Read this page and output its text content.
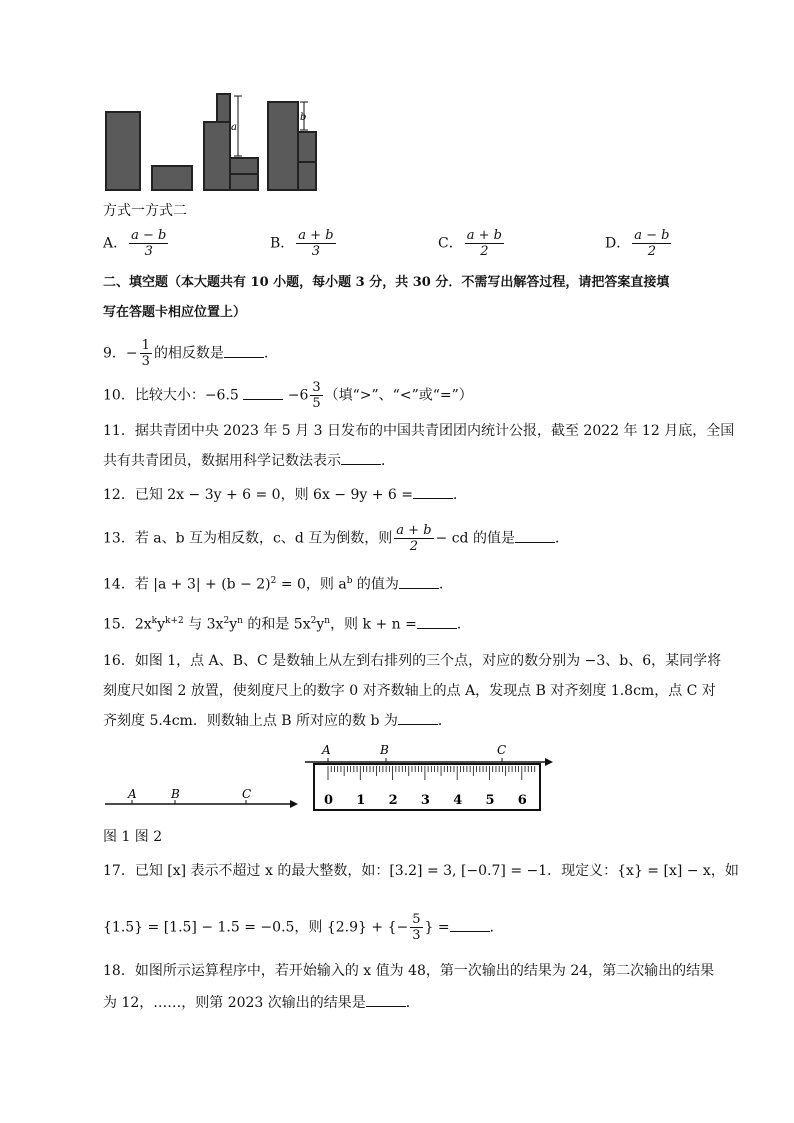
a
b
方式一方式二
A． $\frac{a - b}{3}$	B． $\frac{a + b}{3}$	C． $\frac{a + b}{2}$	D． $\frac{a - b}{2}$
二、填空题（本大题共有 10 小题，每小题 3 分，共 30 分．不需写出解答过程，请把答案直接填
写在答题卡相应位置上）
9．− $\frac{1}{3}$ 的相反数是	．
10．比较大小：−6.5	$-6 \frac{3}{5}$ （填“>”、“<”或“=”）
11．据共青团中央 2023 年 5 月 3 日发布的中国共青团团内统计公报，截至 2022 年 12 月底，全国
共有共青团员，数据用科学记数法表示	．
12．已知 2x − 3y + 6 = 0，则 6x − 9y + 6 =	．
13．若 a、b 互为相反数，c、d 互为倒数，则 $\frac{a + b}{2}$ − cd 的值是	．
14．若 $|a + 3| + (b - 2)^2 = 0$，则 $a^b$ 的值为	．
15．$2x^ky^{k+2}$ 与 $3x^2y^n$ 的和是 $5x^2y^n$，则 k + n =	．
16．如图 1，点 A、B、C 是数轴上从左到右排列的三个点，对应的数分别为 −3、b、6，某同学将
刻度尺如图 2 放置，使刻度尺上的数字 0 对齐数轴上的点 A，发现点 B 对齐刻度 1.8cm，点 C 对
齐刻度 5.4cm．则数轴上点 B 所对应的数 b 为	．
A	B	C
A	B	C
0 1 2 3 4 5 6
图 1 图 2
17．已知 [x] 表示不超过 x 的最大整数，如：[3.2] = 3, [−0.7] = −1．现定义：{x} = [x] − x，如
{1.5} = [1.5] − 1.5 = −0.5，则 {2.9} + {− $\frac{5}{3}$ } =	．
18．如图所示运算程序中，若开始输入的 x 值为 48，第一次输出的结果为 24，第二次输出的结果
为 12，……，则第 2023 次输出的结果是	．
